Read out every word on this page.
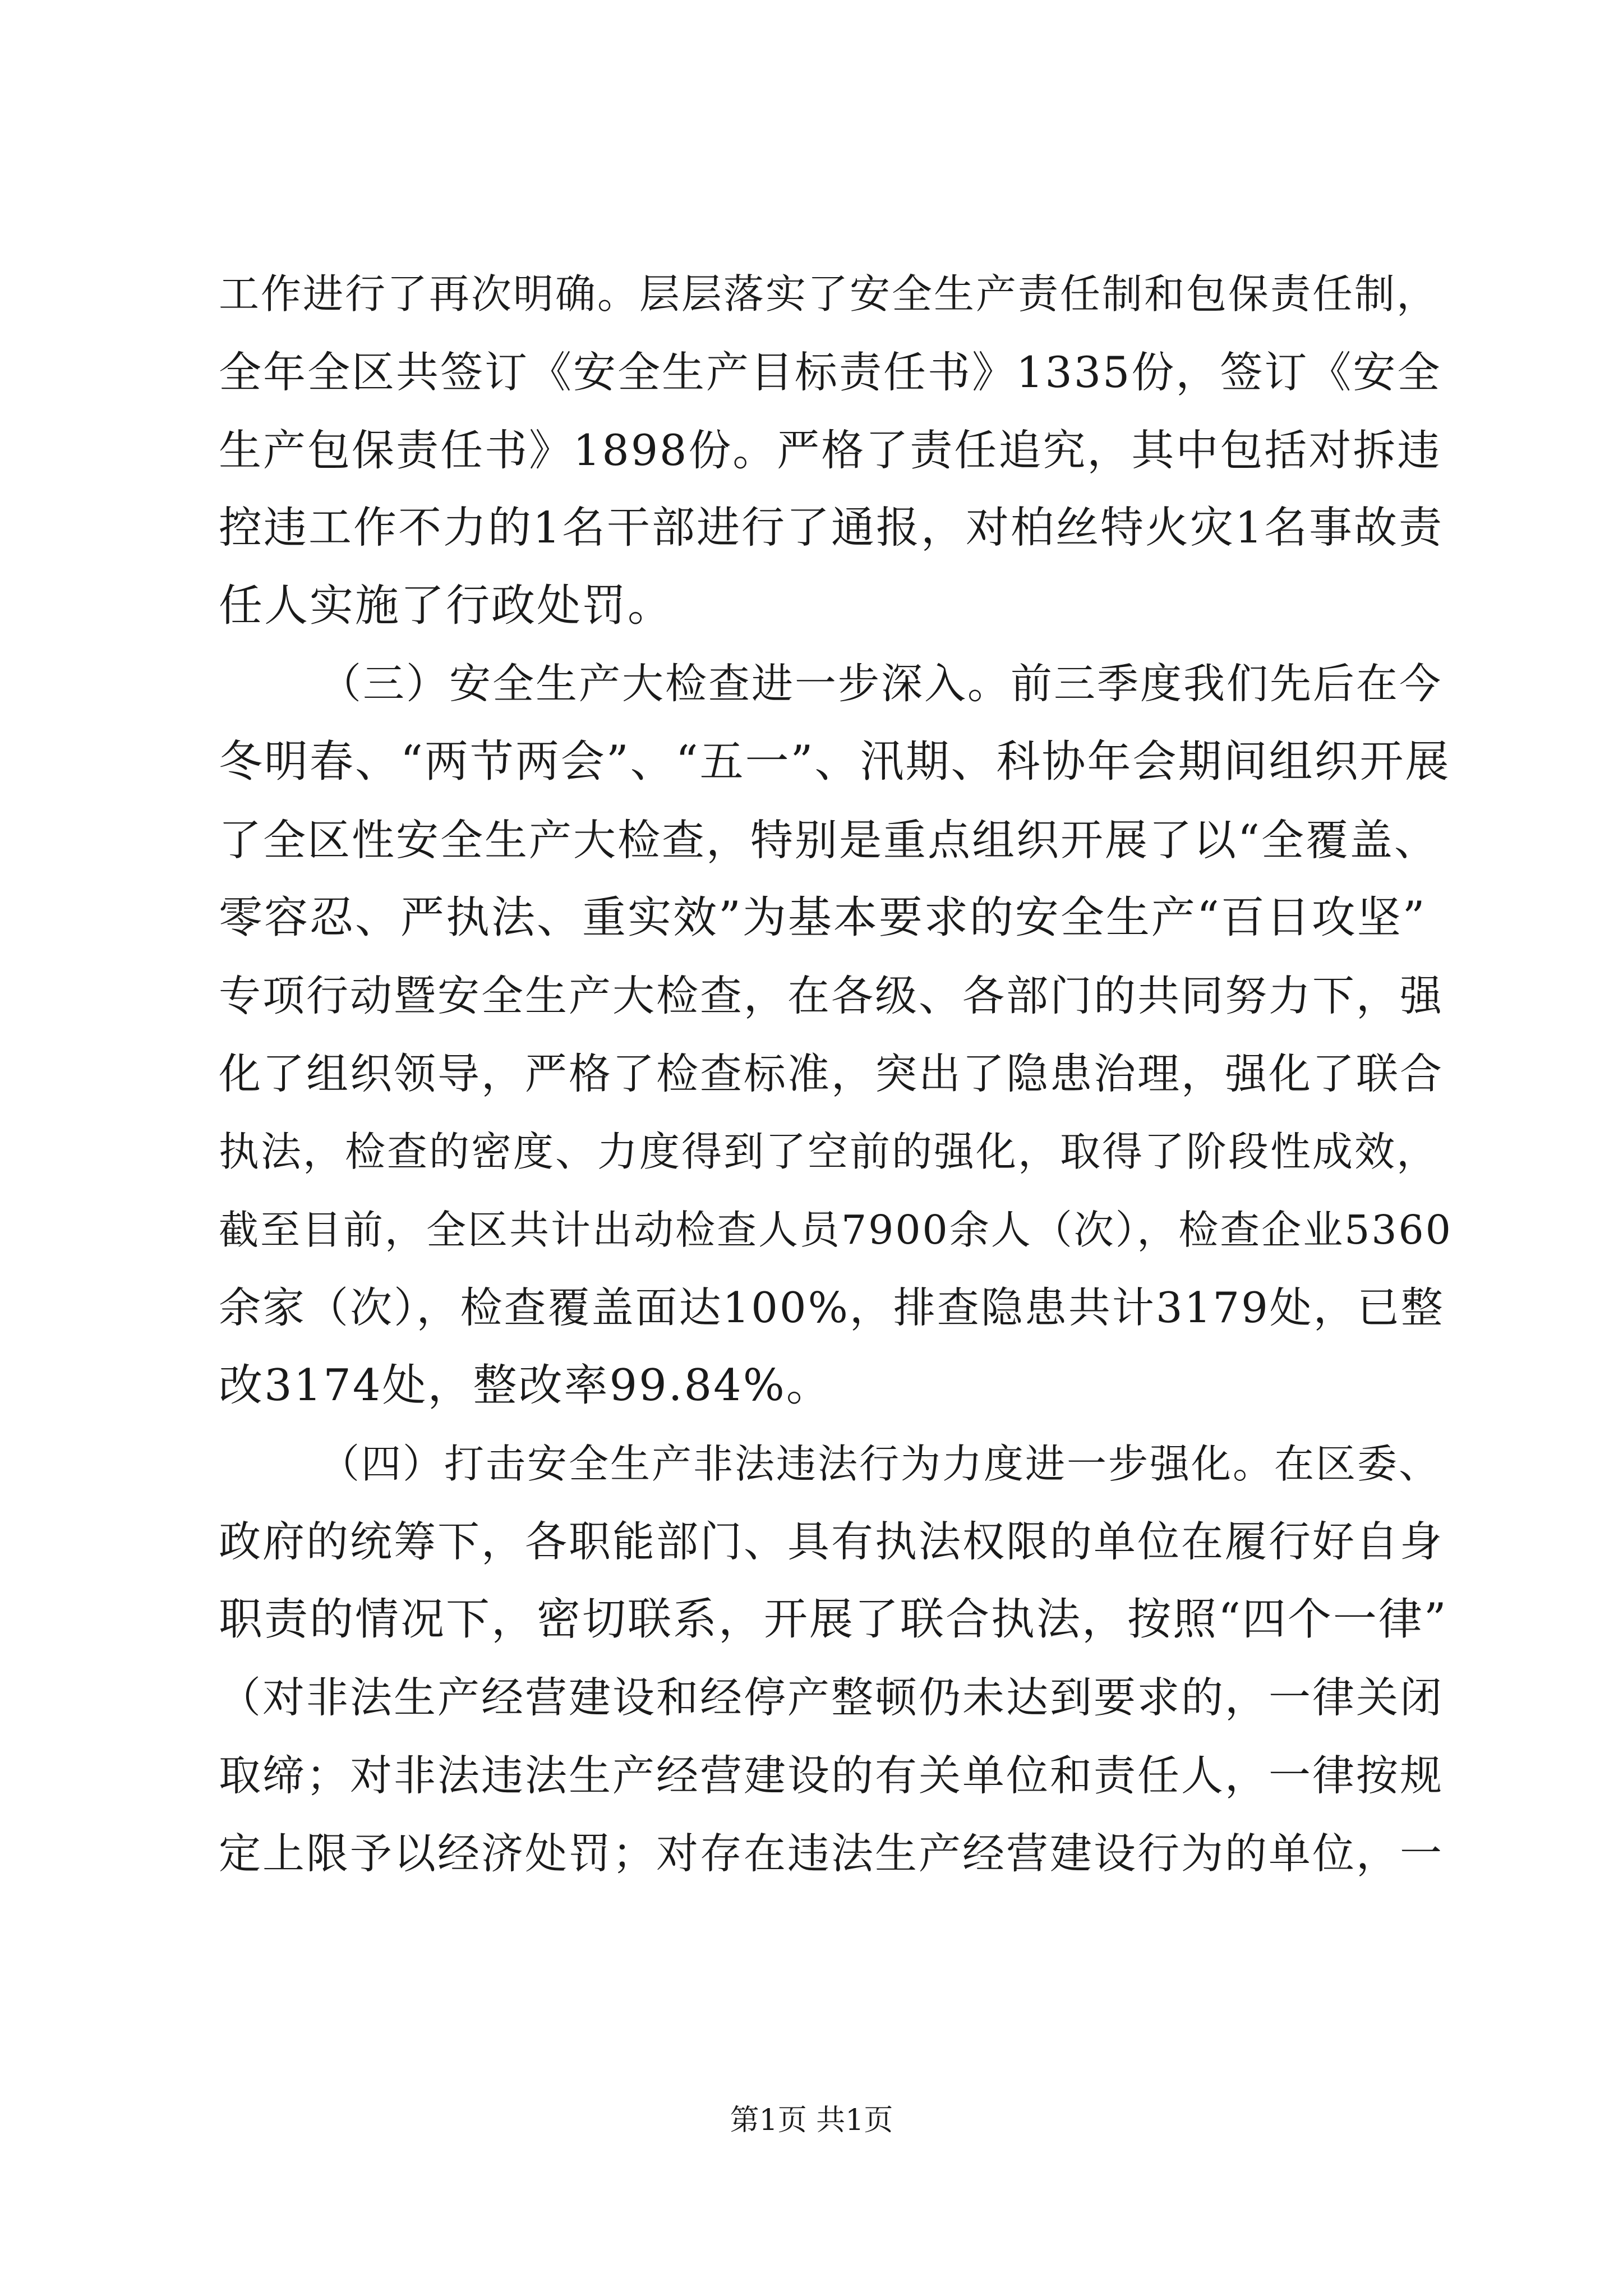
工作进行了再次明确。层层落实了安全生产责任制和包保责任制，
全年全区共签订《安全生产目标责任书》1335份，签订《安全
生产包保责任书》1898份。严格了责任追究，其中包括对拆违
控违工作不力的1名干部进行了通报，对柏丝特火灾1名事故责
任人实施了行政处罚。
（三）安全生产大检查进一步深入。前三季度我们先后在今
冬明春、“两节两会”、“五一”、汛期、科协年会期间组织开展
了全区性安全生产大检查，特别是重点组织开展了以“全覆盖、
零容忍、严执法、重实效”为基本要求的安全生产“百日攻坚”
专项行动暨安全生产大检查，在各级、各部门的共同努力下，强
化了组织领导，严格了检查标准，突出了隐患治理，强化了联合
执法，检查的密度、力度得到了空前的强化，取得了阶段性成效，
截至目前，全区共计出动检查人员7900余人（次），检查企业5360
余家（次），检查覆盖面达100%，排查隐患共计3179处，已整
改3174处，整改率99.84%。
（四）打击安全生产非法违法行为力度进一步强化。在区委、
政府的统筹下，各职能部门、具有执法权限的单位在履行好自身
职责的情况下，密切联系，开展了联合执法，按照“四个一律”
（对非法生产经营建设和经停产整顿仍未达到要求的，一律关闭
取缔；对非法违法生产经营建设的有关单位和责任人，一律按规
定上限予以经济处罚；对存在违法生产经营建设行为的单位，一
第1页 共1页
